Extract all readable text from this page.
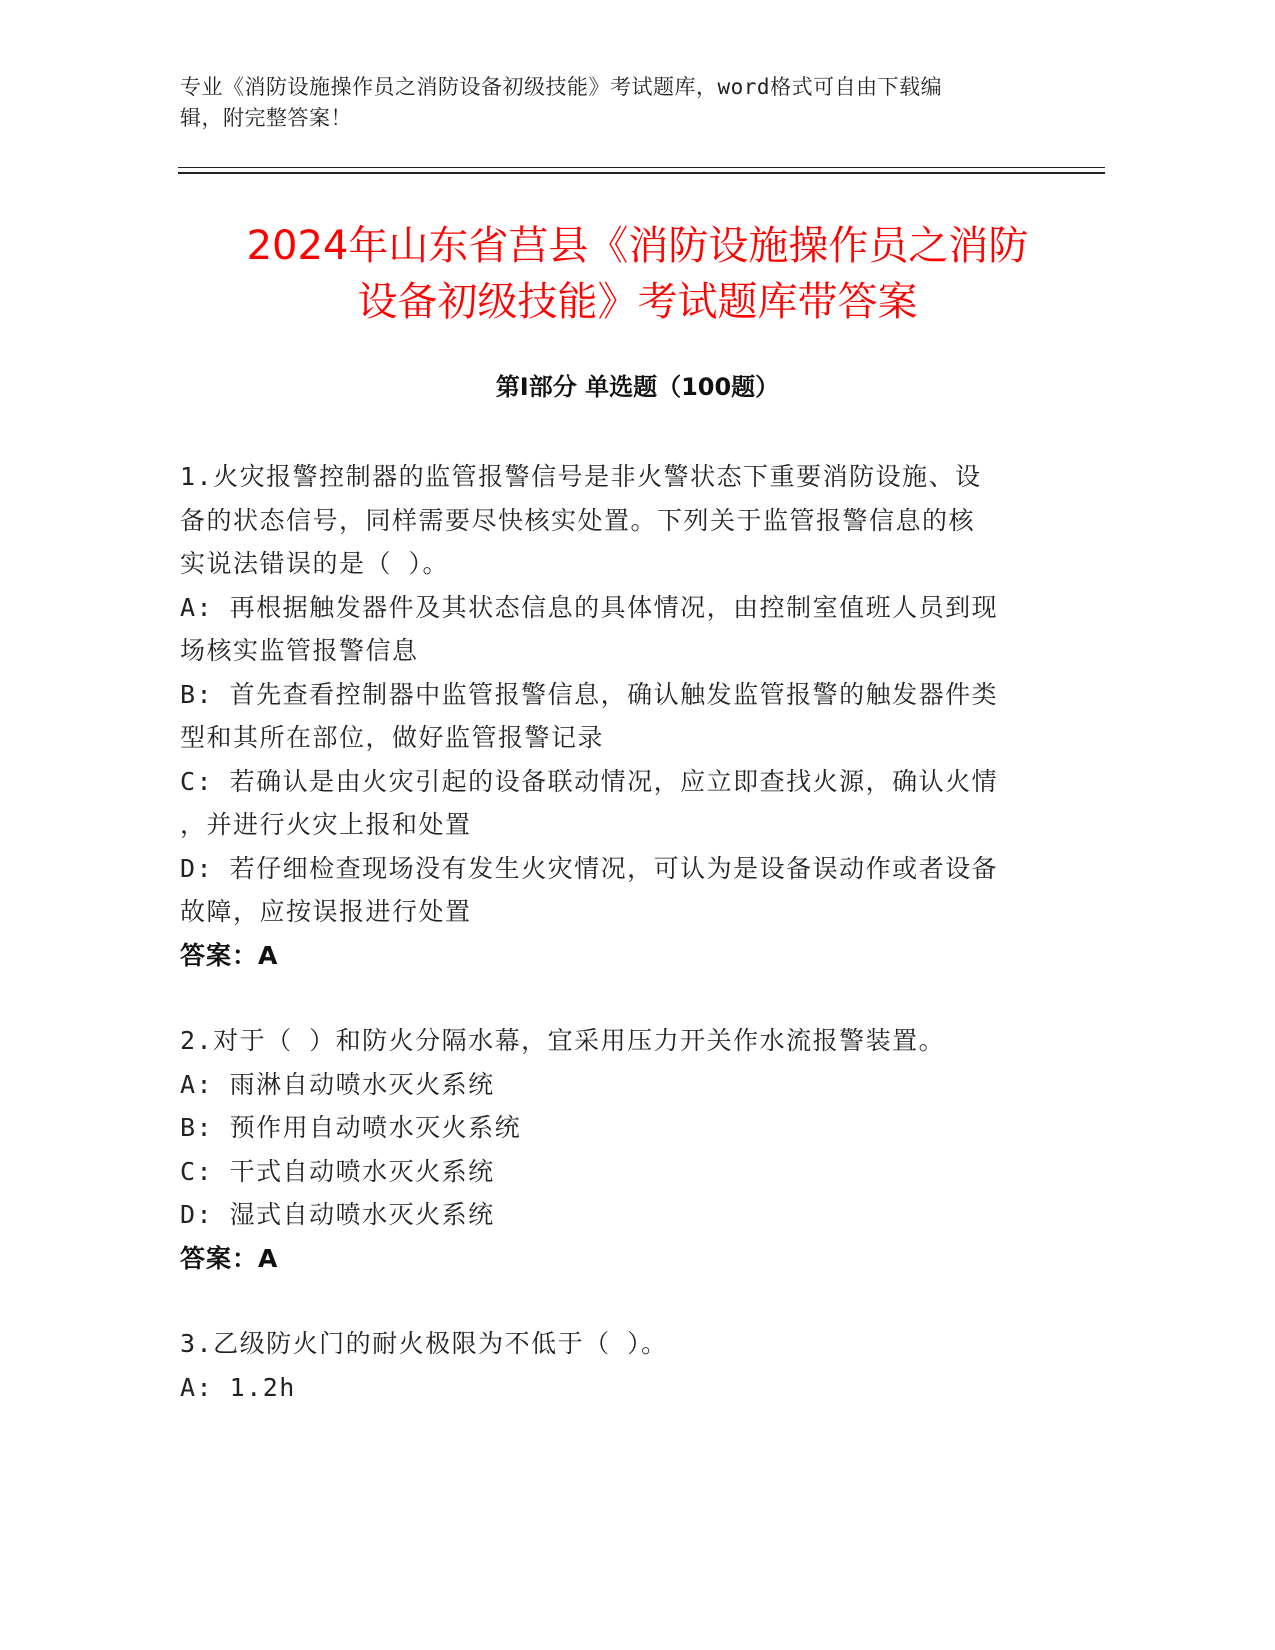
专业《消防设施操作员之消防设备初级技能》考试题库，word格式可自由下载编
辑，附完整答案！
2024年山东省莒县《消防设施操作员之消防
设备初级技能》考试题库带答案
第Ⅰ部分 单选题（100题）
1.火灾报警控制器的监管报警信号是非火警状态下重要消防设施、设
备的状态信号，同样需要尽快核实处置。下列关于监管报警信息的核
实说法错误的是（ ）。
A: 再根据触发器件及其状态信息的具体情况，由控制室值班人员到现
场核实监管报警信息
B: 首先查看控制器中监管报警信息，确认触发监管报警的触发器件类
型和其所在部位，做好监管报警记录
C: 若确认是由火灾引起的设备联动情况，应立即查找火源，确认火情
，并进行火灾上报和处置
D: 若仔细检查现场没有发生火灾情况，可认为是设备误动作或者设备
故障，应按误报进行处置
答案：A
2.对于（ ）和防火分隔水幕，宜采用压力开关作水流报警装置。
A: 雨淋自动喷水灭火系统
B: 预作用自动喷水灭火系统
C: 干式自动喷水灭火系统
D: 湿式自动喷水灭火系统
答案：A
3.乙级防火门的耐火极限为不低于（ ）。
A: 1.2h
